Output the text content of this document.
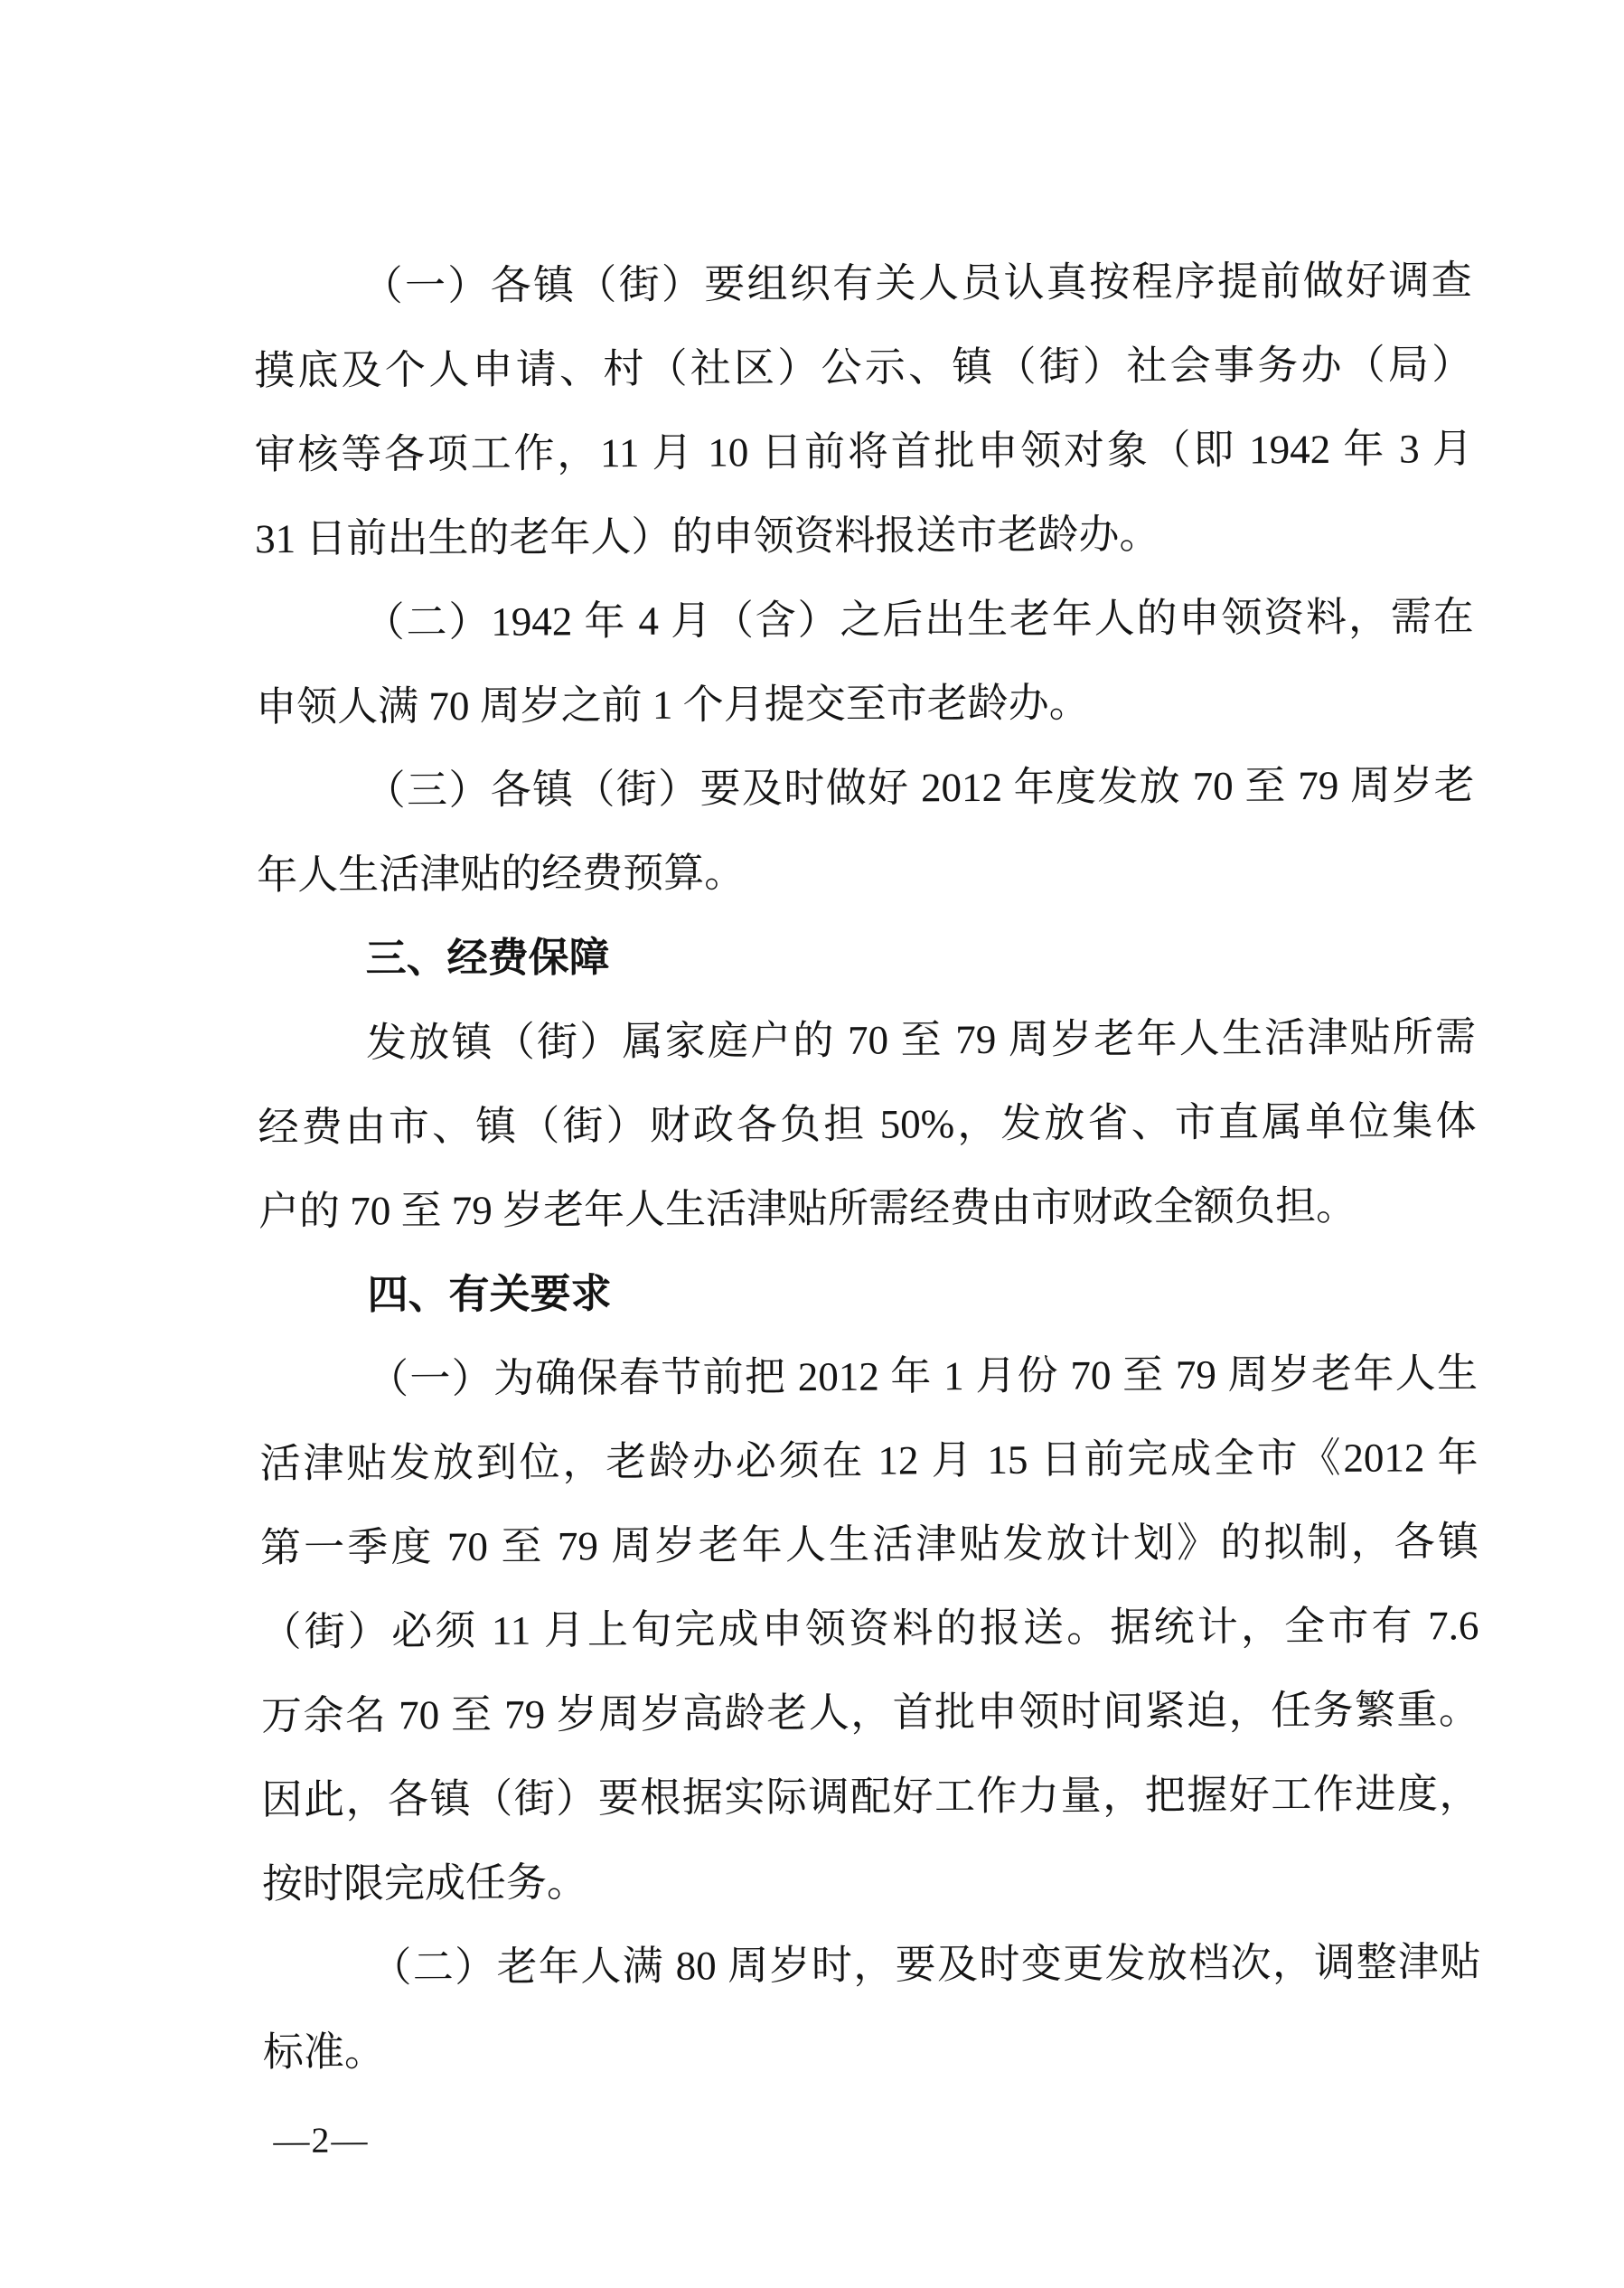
（一）各镇（街）要组织有关人员认真按程序提前做好调查
摸底及个人申请、村（社区）公示、镇（街）社会事务办（局）
审核等各项工作，11 月 10 日前将首批申领对象（即 1942 年 3 月
31 日前出生的老年人）的申领资料报送市老龄办。
（二）1942 年 4 月（含）之后出生老年人的申领资料，需在
申领人满 70 周岁之前 1 个月提交至市老龄办。
（三）各镇（街）要及时做好 2012 年度发放 70 至 79 周岁老
年人生活津贴的经费预算。
三、经费保障
发放镇（街）属家庭户的 70 至 79 周岁老年人生活津贴所需
经费由市、镇（街）财政各负担 50%，发放省、市直属单位集体
户的 70 至 79 岁老年人生活津贴所需经费由市财政全额负担。
四、有关要求
（一）为确保春节前把 2012 年 1 月份 70 至 79 周岁老年人生
活津贴发放到位，老龄办必须在 12 月 15 日前完成全市《2012 年
第一季度 70 至 79 周岁老年人生活津贴发放计划》的拟制，各镇
（街）必须 11 月上旬完成申领资料的报送。据统计，全市有 7.6
万余名 70 至 79 岁周岁高龄老人，首批申领时间紧迫，任务繁重。
因此，各镇（街）要根据实际调配好工作力量，把握好工作进度，
按时限完成任务。
（二）老年人满 80 周岁时，要及时变更发放档次，调整津贴
标准。
—2—
